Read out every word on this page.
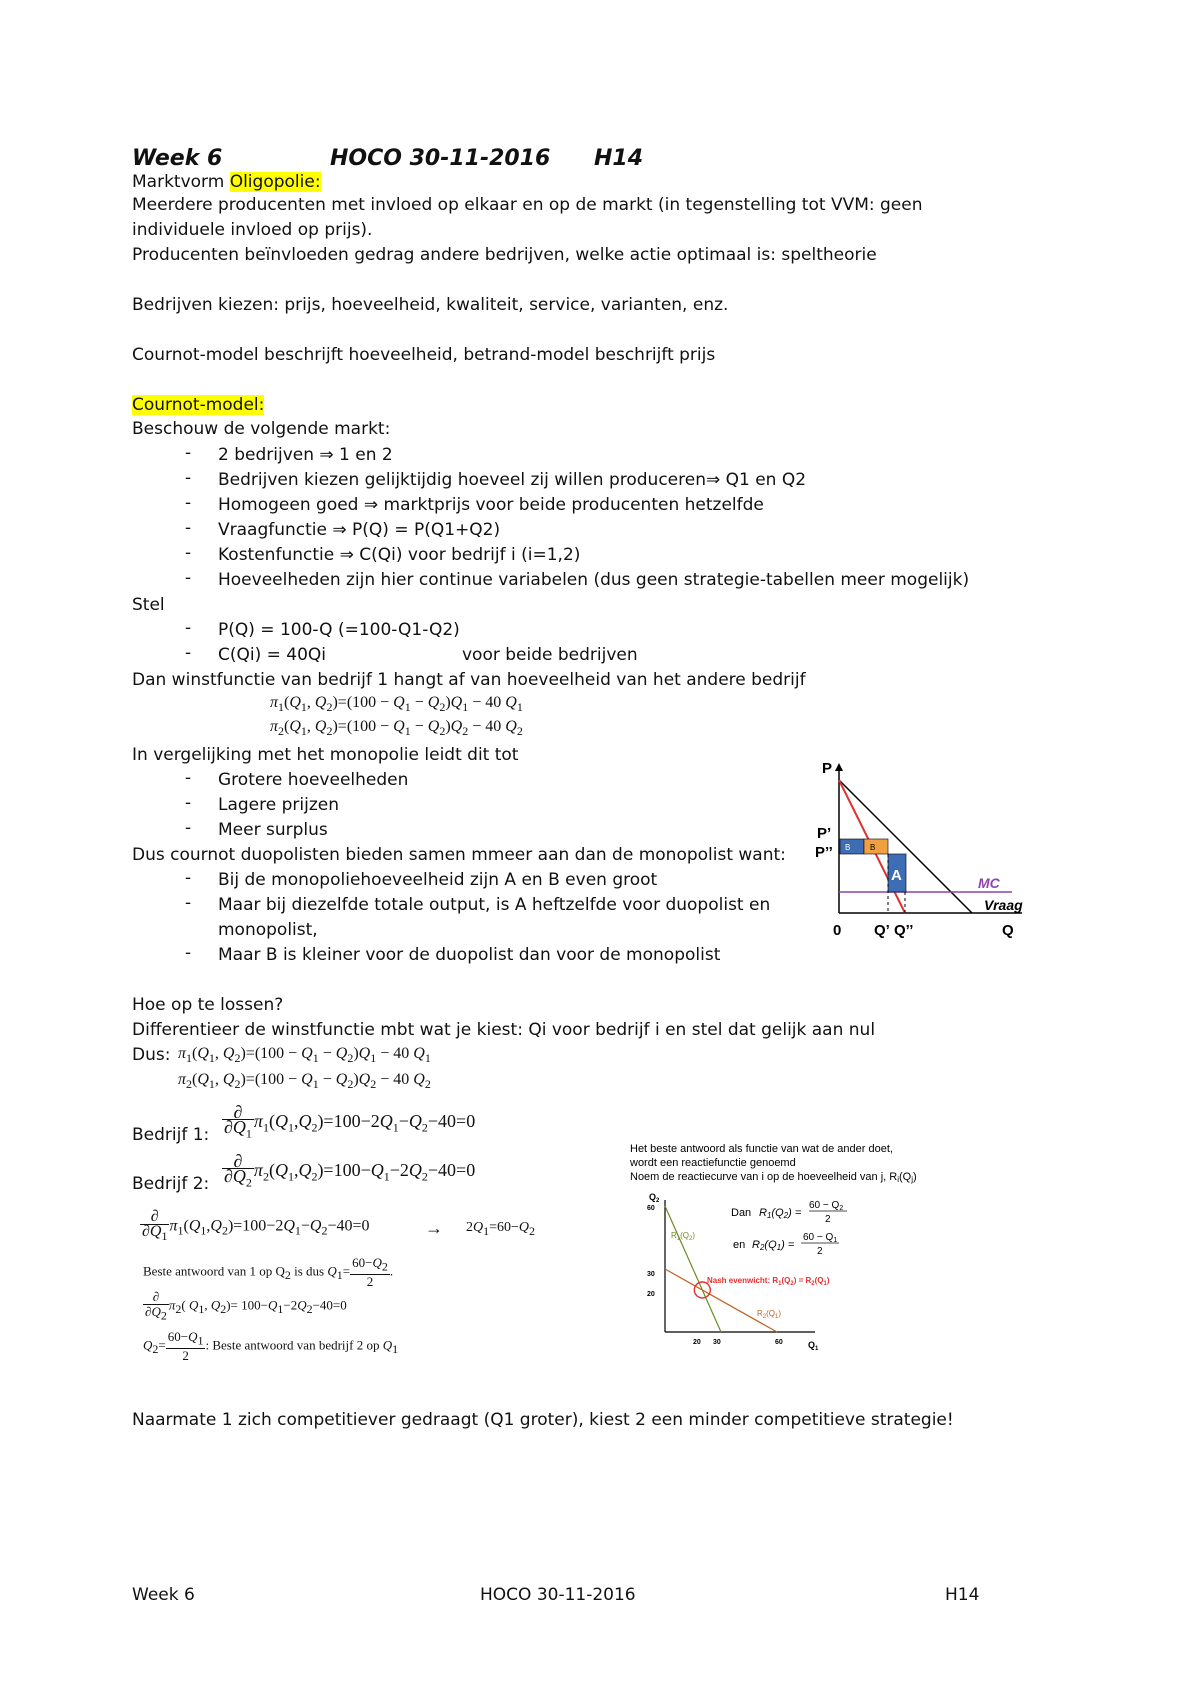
Week 6	HOCO 30-11-2016 H14
Marktvorm Oligopolie:
Meerdere producenten met invloed op elkaar en op de markt (in tegenstelling tot VVM: geen
individuele invloed op prijs).
Producenten beïnvloeden gedrag andere bedrijven, welke actie optimaal is: speltheorie
Bedrijven kiezen: prijs, hoeveelheid, kwaliteit, service, varianten, enz.
Cournot-model beschrijft hoeveelheid, betrand-model beschrijft prijs
Cournot-model:
Beschouw de volgende markt:
- 2 bedrijven ⇒ 1 en 2
- Bedrijven kiezen gelijktijdig hoeveel zij willen produceren⇒ Q1 en Q2
- Homogeen goed ⇒ marktprijs voor beide producenten hetzelfde
- Vraagfunctie ⇒ P(Q) = P(Q1+Q2)
- Kostenfunctie ⇒ C(Qi) voor bedrijf i (i=1,2)
- Hoeveelheden zijn hier continue variabelen (dus geen strategie-tabellen meer mogelijk)
Stel
- P(Q) = 100-Q (=100-Q1-Q2)
- C(Qi) = 40Qi	voor beide bedrijven
Dan winstfunctie van bedrijf 1 hangt af van hoeveelheid van het andere bedrijf
$\pi_1(Q_1$, $Q_2)=(100 - Q_1 - Q_2)Q_1 - 40$ $Q_1$
$\pi_2(Q_1$, $Q_2)=(100 - Q_1 - Q_2)Q_2 - 40$ $Q_2$
In vergelijking met het monopolie leidt dit tot
- Grotere hoeveelheden
- Lagere prijzen
- Meer surplus
Dus cournot duopolisten bieden samen mmeer aan dan de monopolist want:
- Bij de monopoliehoeveelheid zijn A en B even groot
- Maar bij diezelfde totale output, is A heftzelfde voor duopolist en
monopolist,
- Maar B is kleiner voor de duopolist dan voor de monopolist
P
P’
P’’ B B
A	MC
Vraag
0 Q’ Q’’	Q
Hoe op te lossen?
Differentieer de winstfunctie mbt wat je kiest: Qi voor bedrijf i en stel dat gelijk aan nul
Dus: $\pi_1(Q_1$, $Q_2)=(100 - Q_1 - Q_2)Q_1 - 40$ $Q_1$
$\pi_2(Q_1$, $Q_2)=(100 - Q_1 - Q_2)Q_2 - 40$ $Q_2$
Bedrijf 1: $\frac{\partial}{\partial Q_1} \pi_1(Q_1,Q_2)=100-2Q_1-Q_2-40=0$
Bedrijf 2: $\frac{\partial}{\partial Q_2} \pi_2(Q_1,Q_2)=100-Q_1-2Q_2-40=0$
$\frac{\partial}{\partial Q_1} \pi_1(Q_1,Q_2)=100-2Q_1-Q_2-40=0$	→ $2Q_1=60-Q_2$
Beste antwoord van 1 op $Q_2$ is dus $Q_1= \frac{60-Q_2}{2}$ .
$\frac{\partial}{\partial Q_2} \pi_2$( $Q_1$, $Q_2)= 100-Q_1-2Q_2-40=0$
$Q_2= \frac{60-Q_1}{2}$ : Beste antwoord van bedrijf 2 op $Q_1$
Het beste antwoord als functie van wat de ander doet,
wordt een reactiefunctie genoemd
Noem de reactiecurve van i op de hoeveelheid van j, Ri(Qj)
Dan R1(Q2) =
$60 - Q_2$
2
en R2(Q1) =
$60 - Q_1$
2
$Q_2$
$Q_1$
60
30
20
20 30	60
$R_1(Q_2)$
$R_2(Q_1)$
Nash evenwicht: $R_1(Q_2) = R_2(Q_1)$
Naarmate 1 zich competitiever gedraagt (Q1 groter), kiest 2 een minder competitieve strategie!
Week 6	HOCO 30-11-2016	H14
